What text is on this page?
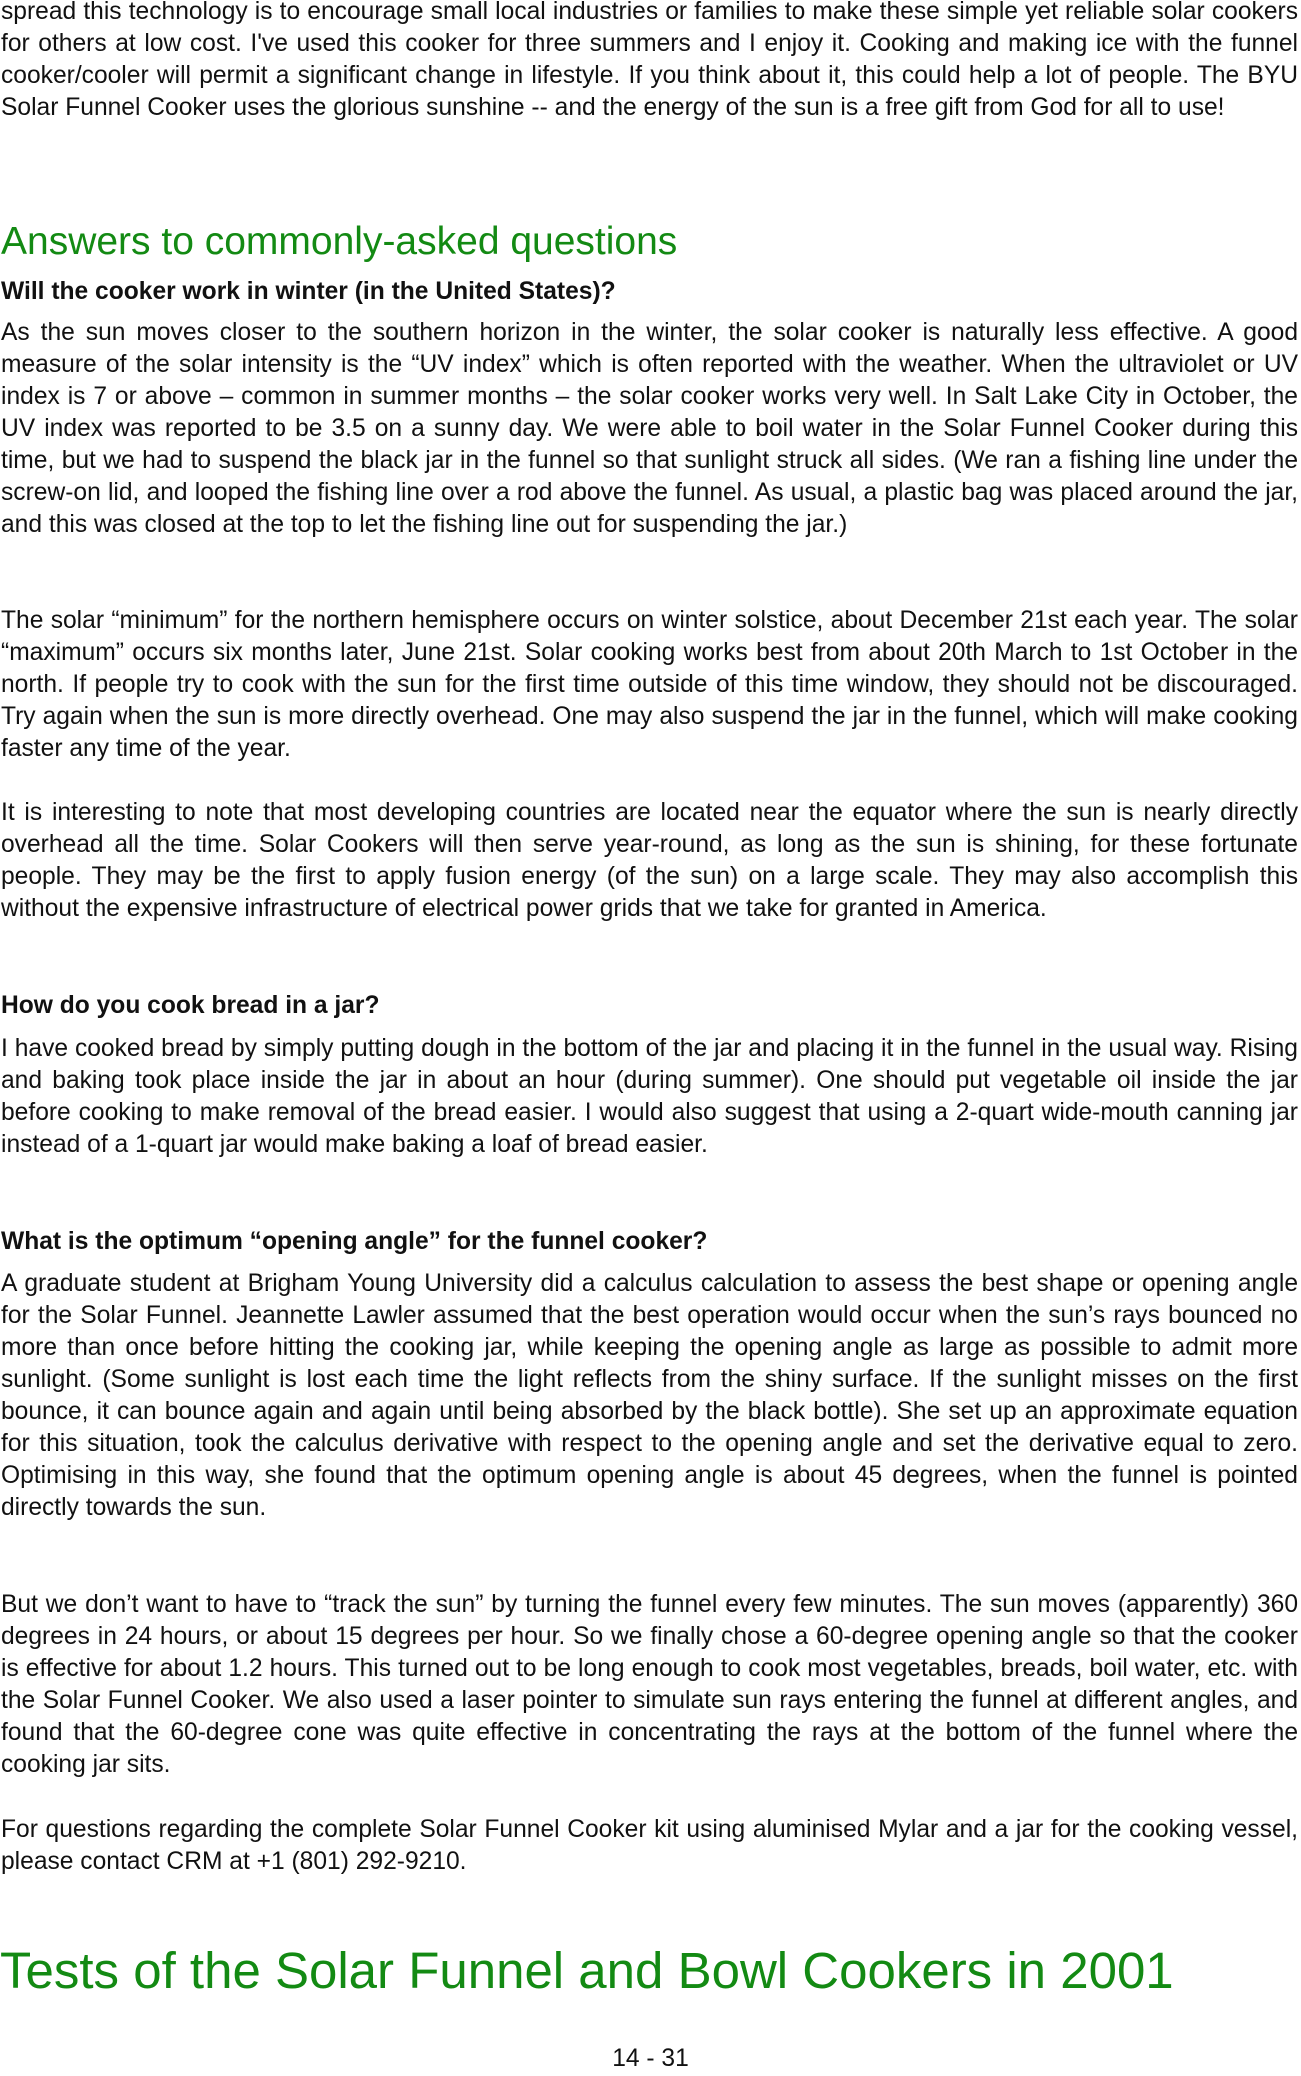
spread this technology is to encourage small local industries or families to make these simple yet reliable solar cookers for others at low cost. I've used this cooker for three summers and I enjoy it. Cooking and making ice with the funnel cooker/cooler will permit a significant change in lifestyle. If you think about it, this could help a lot of people. The BYU Solar Funnel Cooker uses the glorious sunshine -- and the energy of the sun is a free gift from God for all to use!

Answers to commonly-asked questions

Will the cooker work in winter (in the United States)?

As the sun moves closer to the southern horizon in the winter, the solar cooker is naturally less effective. A good measure of the solar intensity is the “UV index” which is often reported with the weather. When the ultraviolet or UV index is 7 or above – common in summer months – the solar cooker works very well. In Salt Lake City in October, the UV index was reported to be 3.5 on a sunny day. We were able to boil water in the Solar Funnel Cooker during this time, but we had to suspend the black jar in the funnel so that sunlight struck all sides. (We ran a fishing line under the screw-on lid, and looped the fishing line over a rod above the funnel. As usual, a plastic bag was placed around the jar, and this was closed at the top to let the fishing line out for suspending the jar.)

The solar “minimum” for the northern hemisphere occurs on winter solstice, about December 21st each year. The solar “maximum” occurs six months later, June 21st. Solar cooking works best from about 20th March to 1st October in the north. If people try to cook with the sun for the first time outside of this time window, they should not be discouraged. Try again when the sun is more directly overhead. One may also suspend the jar in the funnel, which will make cooking faster any time of the year.

It is interesting to note that most developing countries are located near the equator where the sun is nearly directly overhead all the time. Solar Cookers will then serve year-round, as long as the sun is shining, for these fortunate people. They may be the first to apply fusion energy (of the sun) on a large scale. They may also accomplish this without the expensive infrastructure of electrical power grids that we take for granted in America.

How do you cook bread in a jar?

I have cooked bread by simply putting dough in the bottom of the jar and placing it in the funnel in the usual way. Rising and baking took place inside the jar in about an hour (during summer). One should put vegetable oil inside the jar before cooking to make removal of the bread easier. I would also suggest that using a 2-quart wide-mouth canning jar instead of a 1-quart jar would make baking a loaf of bread easier.

What is the optimum “opening angle” for the funnel cooker?

A graduate student at Brigham Young University did a calculus calculation to assess the best shape or opening angle for the Solar Funnel. Jeannette Lawler assumed that the best operation would occur when the sun’s rays bounced no more than once before hitting the cooking jar, while keeping the opening angle as large as possible to admit more sunlight. (Some sunlight is lost each time the light reflects from the shiny surface. If the sunlight misses on the first bounce, it can bounce again and again until being absorbed by the black bottle). She set up an approximate equation for this situation, took the calculus derivative with respect to the opening angle and set the derivative equal to zero. Optimising in this way, she found that the optimum opening angle is about 45 degrees, when the funnel is pointed directly towards the sun.

But we don’t want to have to “track the sun” by turning the funnel every few minutes. The sun moves (apparently) 360 degrees in 24 hours, or about 15 degrees per hour. So we finally chose a 60-degree opening angle so that the cooker is effective for about 1.2 hours. This turned out to be long enough to cook most vegetables, breads, boil water, etc. with the Solar Funnel Cooker. We also used a laser pointer to simulate sun rays entering the funnel at different angles, and found that the 60-degree cone was quite effective in concentrating the rays at the bottom of the funnel where the cooking jar sits.

For questions regarding the complete Solar Funnel Cooker kit using aluminised Mylar and a jar for the cooking vessel, please contact CRM at +1 (801) 292-9210.

Tests of the Solar Funnel and Bowl Cookers in 2001
14 - 31
